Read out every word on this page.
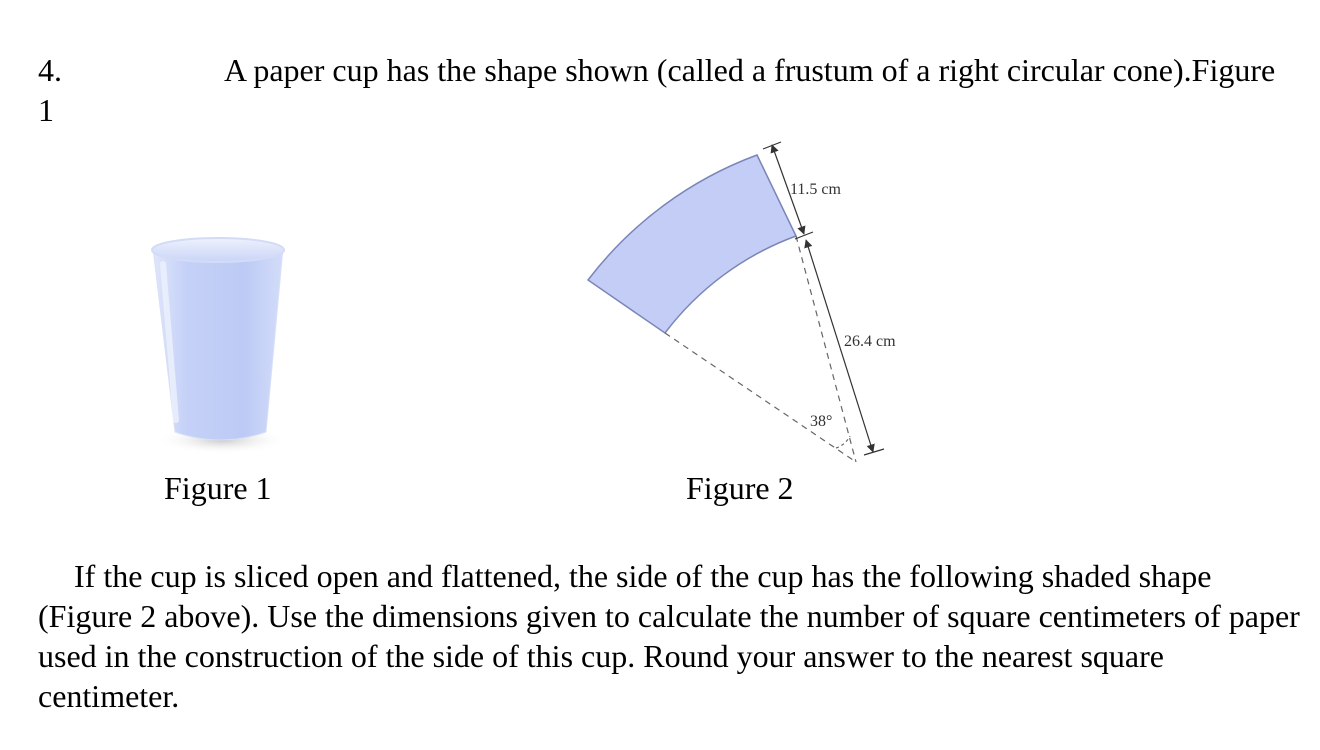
4.	A paper cup has the shape shown (called a frustum of a right circular cone).Figure 1
11.5 cm
26.4 cm
38°
Figure 1	Figure 2

If the cup is sliced open and flattened, the side of the cup has the following shaded shape (Figure 2 above). Use the dimensions given to calculate the number of square centimeters of paper used in the construction of the side of this cup. Round your answer to the nearest square centimeter.
